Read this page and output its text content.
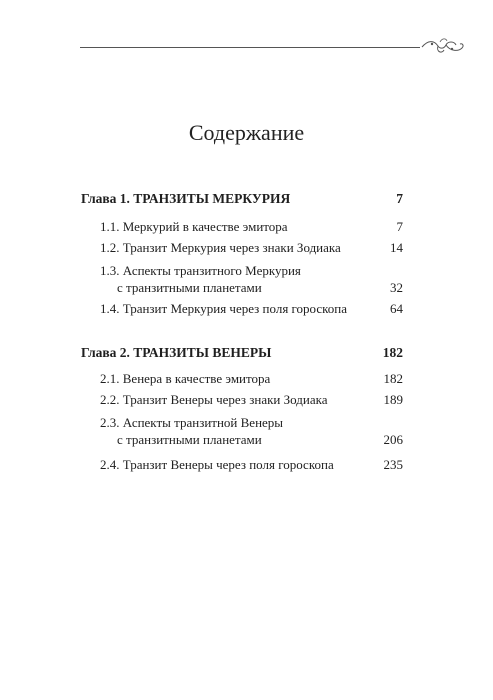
Содержание
Глава 1. ТРАНЗИТЫ МЕРКУРИЯ	7
1.1. Меркурий в качестве эмитора	7
1.2. Транзит Меркурия через знаки Зодиака	14
1.3. Аспекты транзитного Меркурия
с транзитными планетами	32
1.4. Транзит Меркурия через поля гороскопа	64
Глава 2. ТРАНЗИТЫ ВЕНЕРЫ	182
2.1. Венера в качестве эмитора	182
2.2. Транзит Венеры через знаки Зодиака	189
2.3. Аспекты транзитной Венеры
с транзитными планетами	206
2.4. Транзит Венеры через поля гороскопа	235
